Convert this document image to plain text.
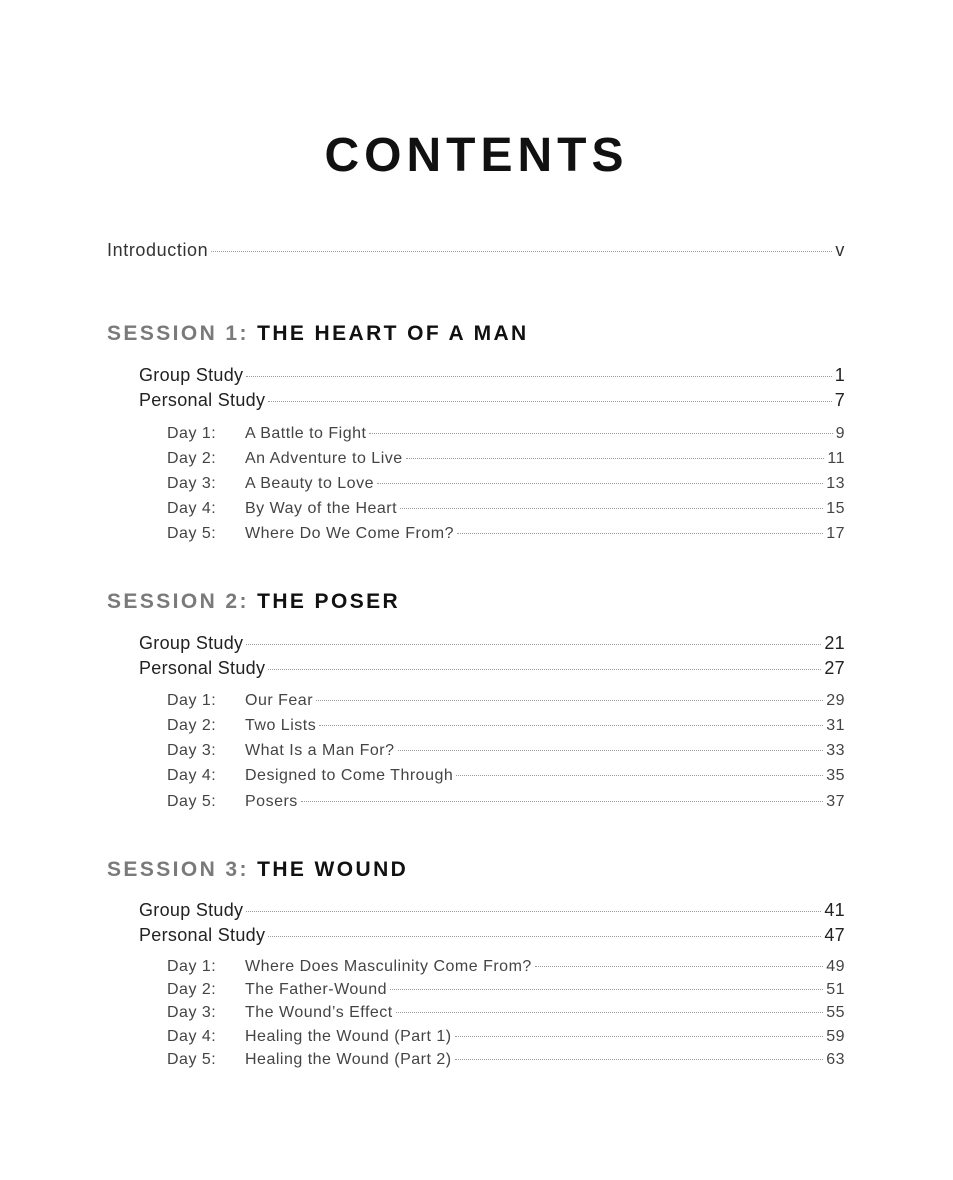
CONTENTS
Introduction	v
SESSION 1: THE HEART OF A MAN
Group Study	1
Personal Study	7
Day 1:	A Battle to Fight	9
Day 2:	An Adventure to Live	11
Day 3:	A Beauty to Love	13
Day 4:	By Way of the Heart	15
Day 5:	Where Do We Come From?	17
SESSION 2: THE POSER
Group Study	21
Personal Study	27
Day 1:	Our Fear	29
Day 2:	Two Lists	31
Day 3:	What Is a Man For?	33
Day 4:	Designed to Come Through	35
Day 5:	Posers	37
SESSION 3: THE WOUND
Group Study	41
Personal Study	47
Day 1:	Where Does Masculinity Come From?	49
Day 2:	The Father-Wound	51
Day 3:	The Wound’s Effect	55
Day 4:	Healing the Wound (Part 1)	59
Day 5:	Healing the Wound (Part 2)	63
